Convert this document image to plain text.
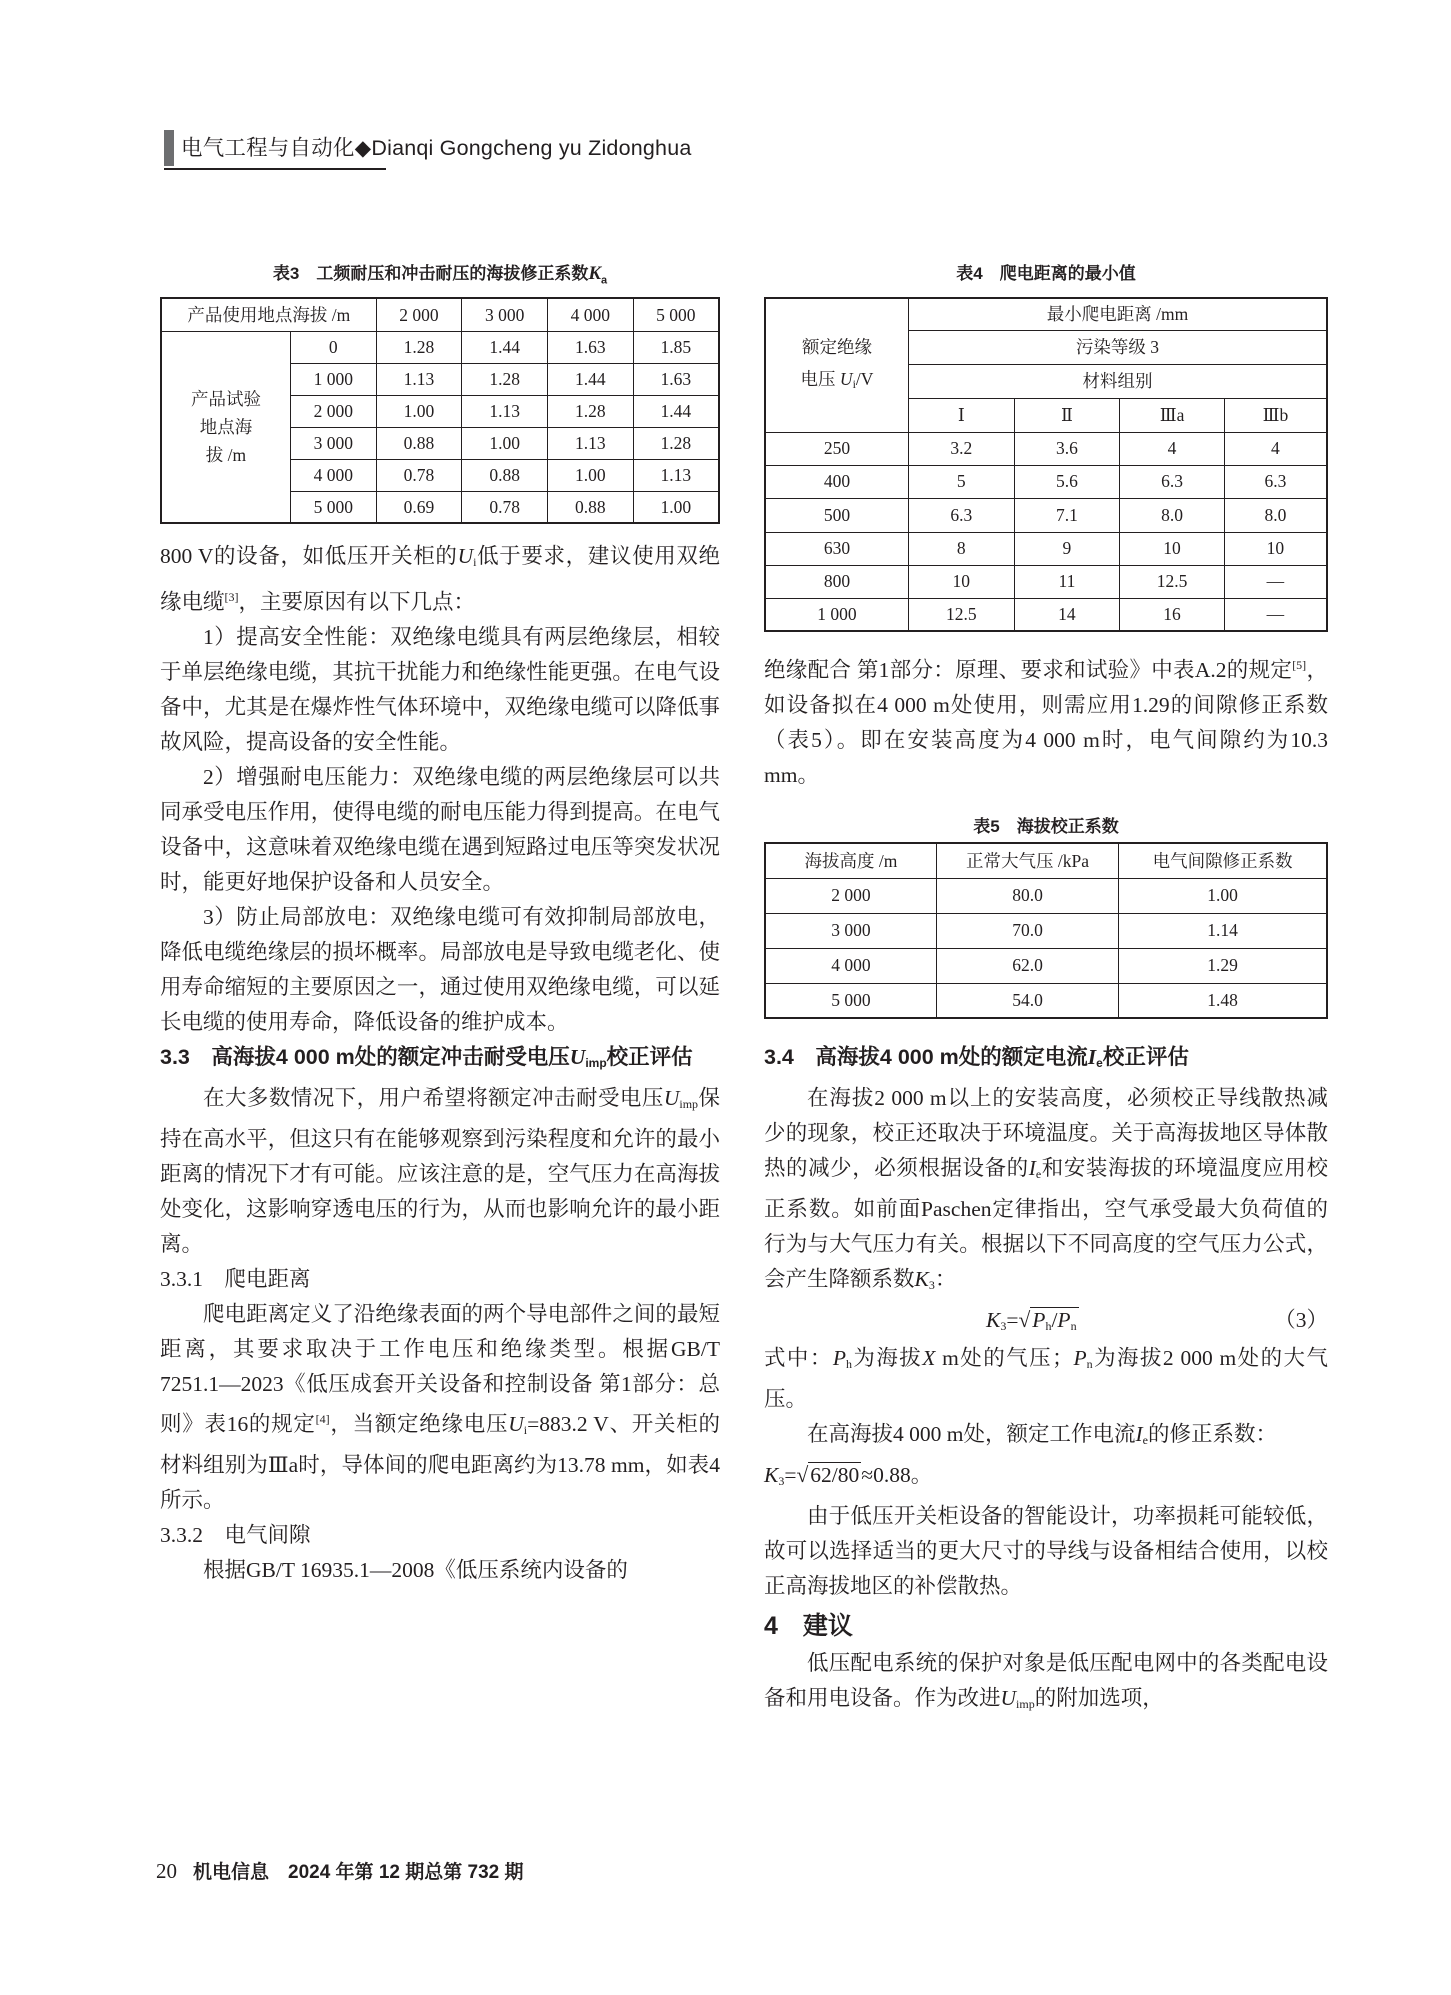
电气工程与自动化◆Dianqi Gongcheng yu Zidonghua
表3　工频耐压和冲击耐压的海拔修正系数$K_a$
产品使用地点海拔 /m		2 000	3 000	4 000	5 000
产品试验
地点海
拔 /m	0	1.28	1.44	1.63	1.85
	1 000	1.13	1.28	1.44	1.63
	2 000	1.00	1.13	1.28	1.44
	3 000	0.88	1.00	1.13	1.28
	4 000	0.78	0.88	1.00	1.13
	5 000	0.69	0.78	0.88	1.00
表4　爬电距离的最小值
额定绝缘
电压 $U_i/V$	最小爬电距离 /mm			
	污染等级 3			
	材料组别			
	Ⅰ	Ⅱ	Ⅲa	Ⅲb
250	3.2	3.6	4	4
400	5	5.6	6.3	6.3
500	6.3	7.1	8.0	8.0
630	8	9	10	10
800	10	11	12.5	—
1 000	12.5	14	16	—

800 V的设备，如低压开关柜的$U_i$低于要求，建议使用双绝缘电缆[3]，主要原因有以下几点：

1）提高安全性能：双绝缘电缆具有两层绝缘层，相较于单层绝缘电缆，其抗干扰能力和绝缘性能更强。在电气设备中，尤其是在爆炸性气体环境中，双绝缘电缆可以降低事故风险，提高设备的安全性能。

2）增强耐电压能力：双绝缘电缆的两层绝缘层可以共同承受电压作用，使得电缆的耐电压能力得到提高。在电气设备中，这意味着双绝缘电缆在遇到短路过电压等突发状况时，能更好地保护设备和人员安全。

3）防止局部放电：双绝缘电缆可有效抑制局部放电，降低电缆绝缘层的损坏概率。局部放电是导致电缆老化、使用寿命缩短的主要原因之一，通过使用双绝缘电缆，可以延长电缆的使用寿命，降低设备的维护成本。

3.3　高海拔4 000 m处的额定冲击耐受电压$U_{imp}$校正评估

在大多数情况下，用户希望将额定冲击耐受电压$U_{imp}$保持在高水平，但这只有在能够观察到污染程度和允许的最小距离的情况下才有可能。应该注意的是，空气压力在高海拔处变化，这影响穿透电压的行为，从而也影响允许的最小距离。

3.3.1　爬电距离

爬电距离定义了沿绝缘表面的两个导电部件之间的最短距离，其要求取决于工作电压和绝缘类型。根据GB/T 7251.1—2023《低压成套开关设备和控制设备 第1部分：总则》表16的规定[4]，当额定绝缘电压$U_i=883.2$ V、开关柜的材料组别为Ⅲa时，导体间的爬电距离约为13.78 mm，如表4所示。

3.3.2　电气间隙

根据GB/T 16935.1—2008《低压系统内设备的

绝缘配合 第1部分：原理、要求和试验》中表A.2的规定[5]，如设备拟在4 000 m处使用，则需应用1.29的间隙修正系数（表5）。即在安装高度为4 000 m时，电气间隙约为10.3 mm。

表5　海拔校正系数
海拔高度 /m	正常大气压 /kPa	电气间隙修正系数
2 000	80.0	1.00
3 000	70.0	1.14
4 000	62.0	1.29
5 000	54.0	1.48

3.4　高海拔4 000 m处的额定电流$I_e$校正评估

在海拔2 000 m以上的安装高度，必须校正导线散热减少的现象，校正还取决于环境温度。关于高海拔地区导体散热的减少，必须根据设备的$I_e$和安装海拔的环境温度应用校正系数。如前面Paschen定律指出，空气承受最大负荷值的行为与大气压力有关。根据以下不同高度的空气压力公式，会产生降额系数$K_3$：

$K_3=√P_h/P_n$	（3）

式中：$P_h$为海拔X m处的气压；$P_n$为海拔2 000 m处的大气压。

在高海拔4 000 m处，额定工作电流$I_e$的修正系数：

$K_3=√62/80\approx 0.88$。

由于低压开关柜设备的智能设计，功率损耗可能较低，故可以选择适当的更大尺寸的导线与设备相结合使用，以校正高海拔地区的补偿散热。

4　建议

低压配电系统的保护对象是低压配电网中的各类配电设备和用电设备。作为改进$U_{imp}$的附加选项，

20 机电信息　2024 年第 12 期总第 732 期
